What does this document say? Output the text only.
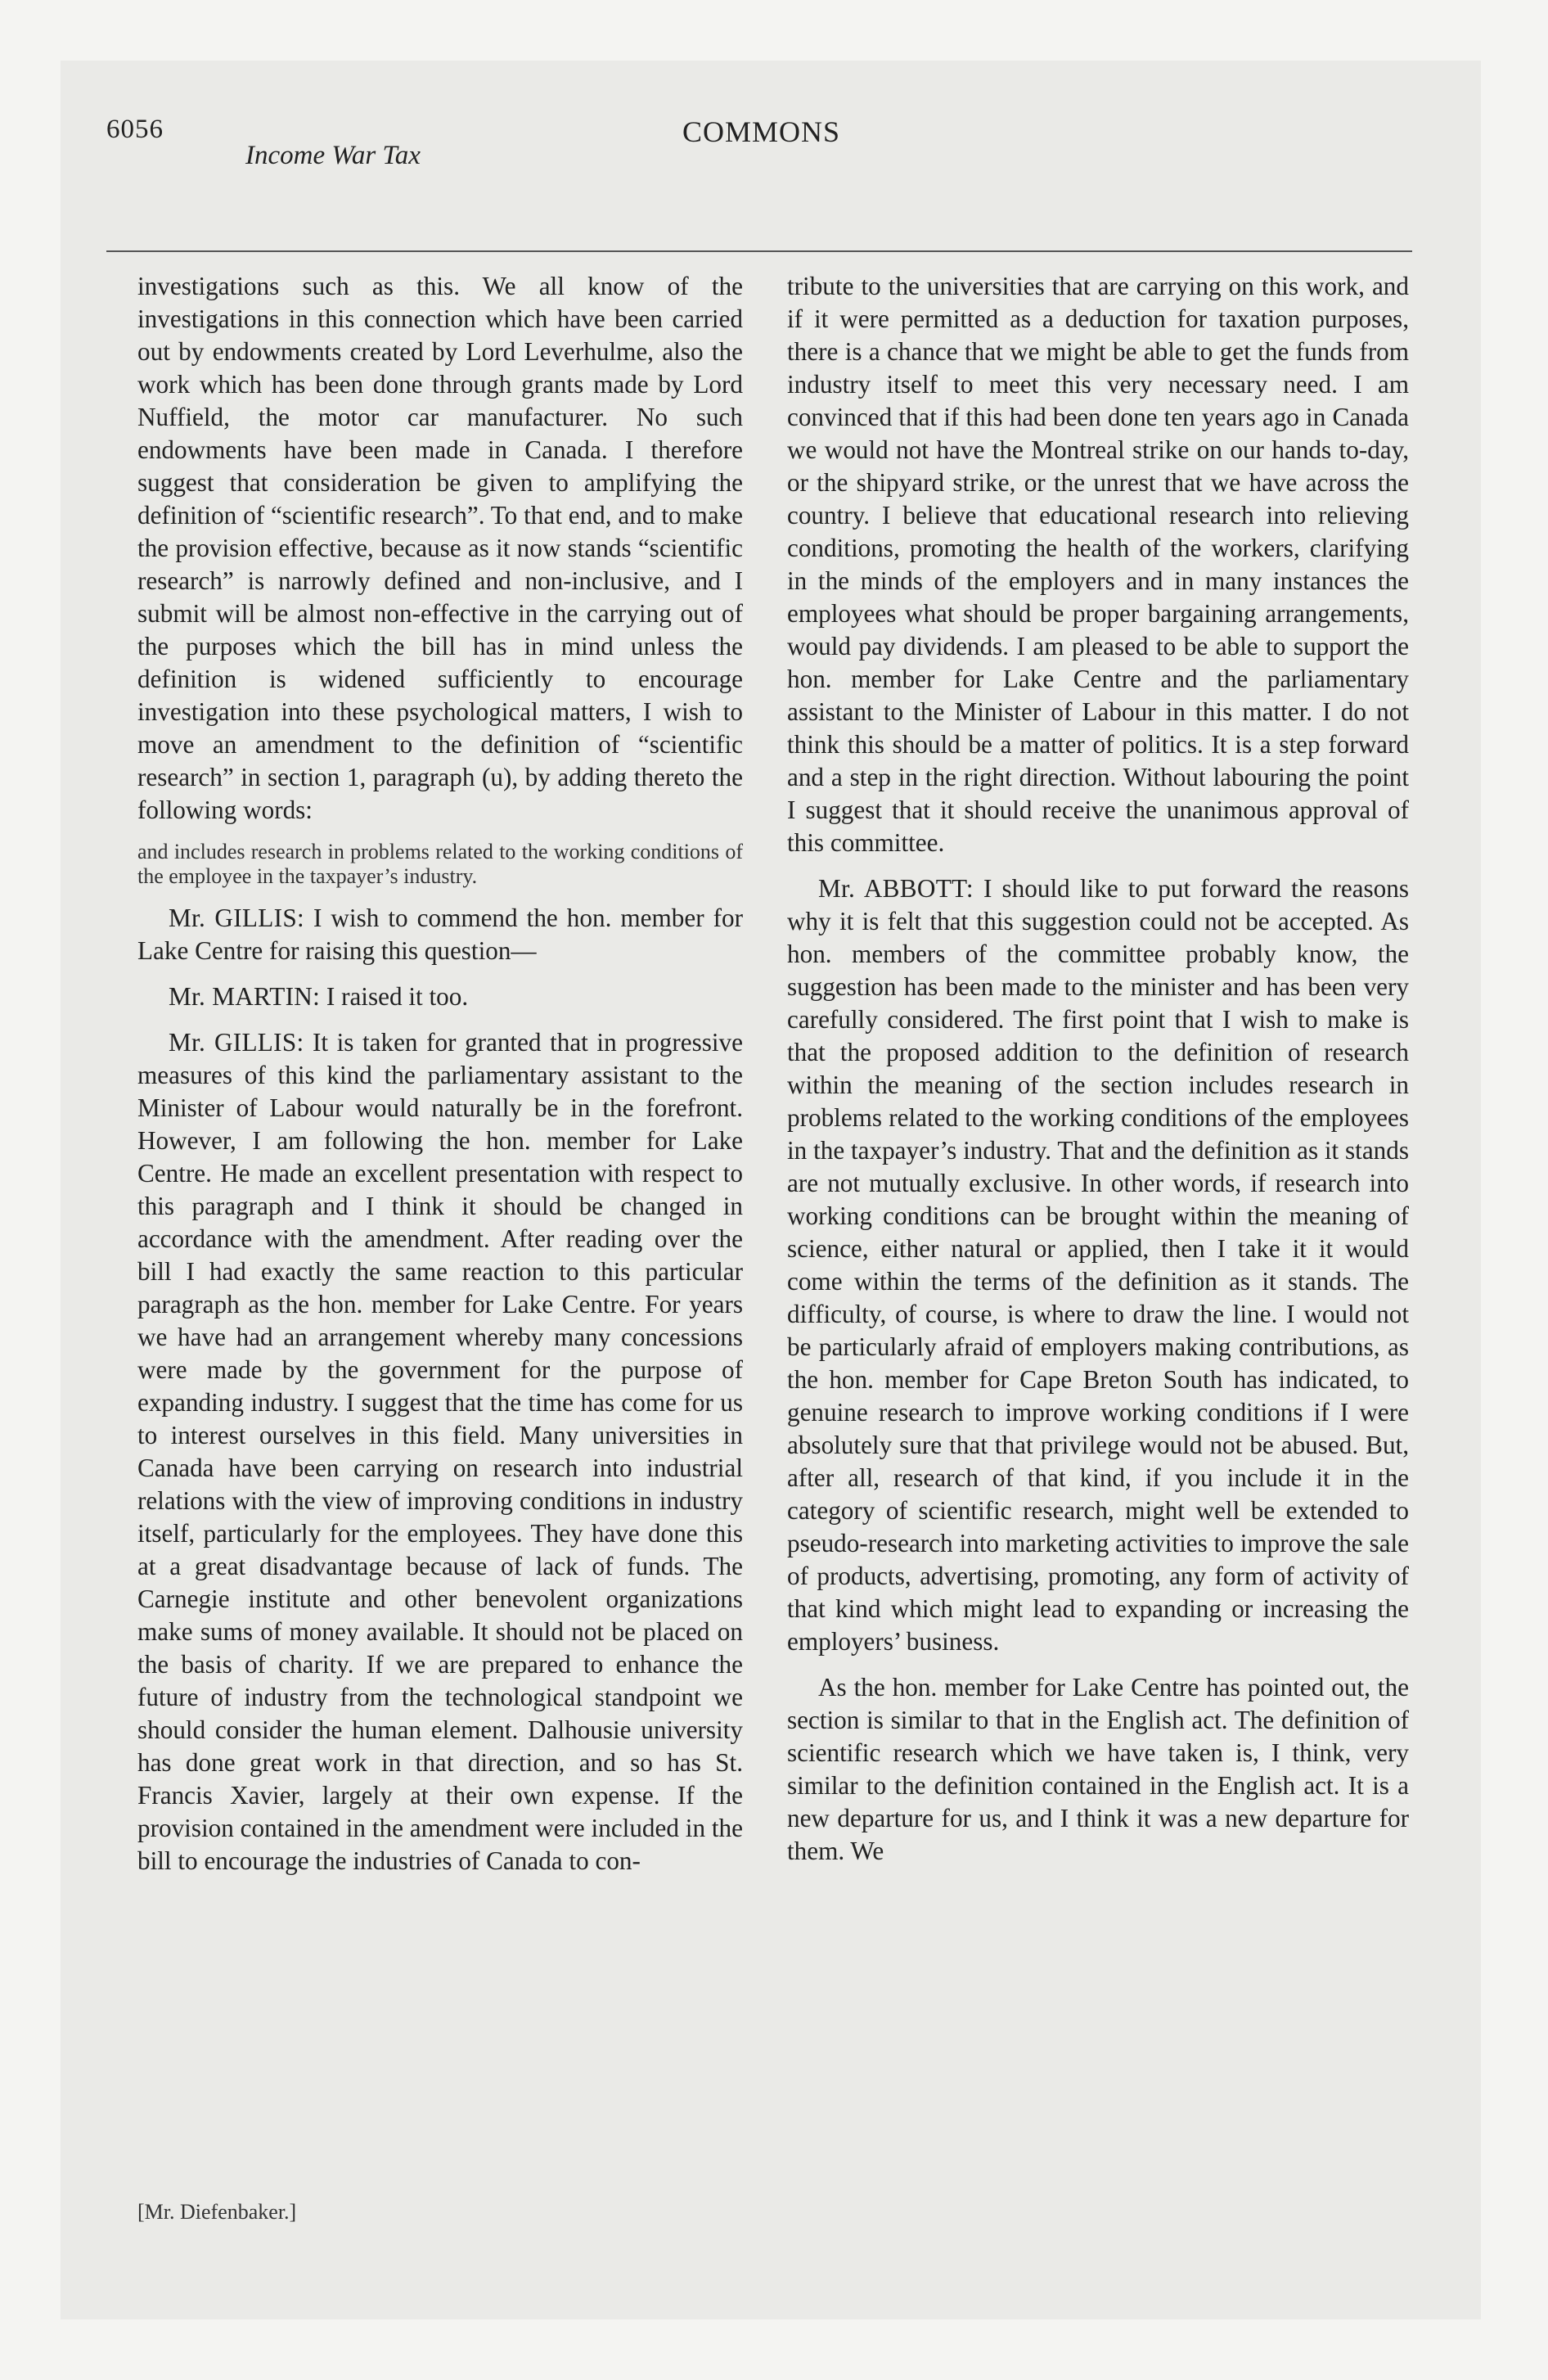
6056
Income War Tax
COMMONS

investigations such as this. We all know of the investigations in this connection which have been carried out by endowments created by Lord Leverhulme, also the work which has been done through grants made by Lord Nuffield, the motor car manufacturer. No such endowments have been made in Canada. I therefore suggest that consideration be given to amplifying the definition of “scientific research”. To that end, and to make the provision effective, because as it now stands “scientific research” is narrowly defined and non-inclusive, and I submit will be almost non-effective in the carrying out of the purposes which the bill has in mind unless the definition is widened sufficiently to encourage investigation into these psychological matters, I wish to move an amendment to the definition of “scientific research” in section 1, paragraph (u), by adding thereto the following words:

and includes research in problems related to the working conditions of the employee in the taxpayer’s industry.

Mr. GILLIS: I wish to commend the hon. member for Lake Centre for raising this question—

Mr. MARTIN: I raised it too.

Mr. GILLIS: It is taken for granted that in progressive measures of this kind the parliamentary assistant to the Minister of Labour would naturally be in the forefront. However, I am following the hon. member for Lake Centre. He made an excellent presentation with respect to this paragraph and I think it should be changed in accordance with the amendment. After reading over the bill I had exactly the same reaction to this particular paragraph as the hon. member for Lake Centre. For years we have had an arrangement whereby many concessions were made by the government for the purpose of expanding industry. I suggest that the time has come for us to interest ourselves in this field. Many universities in Canada have been carrying on research into industrial relations with the view of improving conditions in industry itself, particularly for the employees. They have done this at a great disadvantage because of lack of funds. The Carnegie institute and other benevolent organizations make sums of money available. It should not be placed on the basis of charity. If we are prepared to enhance the future of industry from the technological standpoint we should consider the human element. Dalhousie university has done great work in that direction, and so has St. Francis Xavier, largely at their own expense. If the provision contained in the amendment were included in the bill to encourage the industries of Canada to con-

tribute to the universities that are carrying on this work, and if it were permitted as a deduction for taxation purposes, there is a chance that we might be able to get the funds from industry itself to meet this very necessary need. I am convinced that if this had been done ten years ago in Canada we would not have the Montreal strike on our hands to-day, or the shipyard strike, or the unrest that we have across the country. I believe that educational research into relieving conditions, promoting the health of the workers, clarifying in the minds of the employers and in many instances the employees what should be proper bargaining arrangements, would pay dividends. I am pleased to be able to support the hon. member for Lake Centre and the parliamentary assistant to the Minister of Labour in this matter. I do not think this should be a matter of politics. It is a step forward and a step in the right direction. Without labouring the point I suggest that it should receive the unanimous approval of this committee.

Mr. ABBOTT: I should like to put forward the reasons why it is felt that this suggestion could not be accepted. As hon. members of the committee probably know, the suggestion has been made to the minister and has been very carefully considered. The first point that I wish to make is that the proposed addition to the definition of research within the meaning of the section includes research in problems related to the working conditions of the employees in the taxpayer’s industry. That and the definition as it stands are not mutually exclusive. In other words, if research into working conditions can be brought within the meaning of science, either natural or applied, then I take it it would come within the terms of the definition as it stands. The difficulty, of course, is where to draw the line. I would not be particularly afraid of employers making contributions, as the hon. member for Cape Breton South has indicated, to genuine research to improve working conditions if I were absolutely sure that that privilege would not be abused. But, after all, research of that kind, if you include it in the category of scientific research, might well be extended to pseudo-research into marketing activities to improve the sale of products, advertising, promoting, any form of activity of that kind which might lead to expanding or increasing the employers’ business.

As the hon. member for Lake Centre has pointed out, the section is similar to that in the English act. The definition of scientific research which we have taken is, I think, very similar to the definition contained in the English act. It is a new departure for us, and I think it was a new departure for them. We

[Mr. Diefenbaker.]
